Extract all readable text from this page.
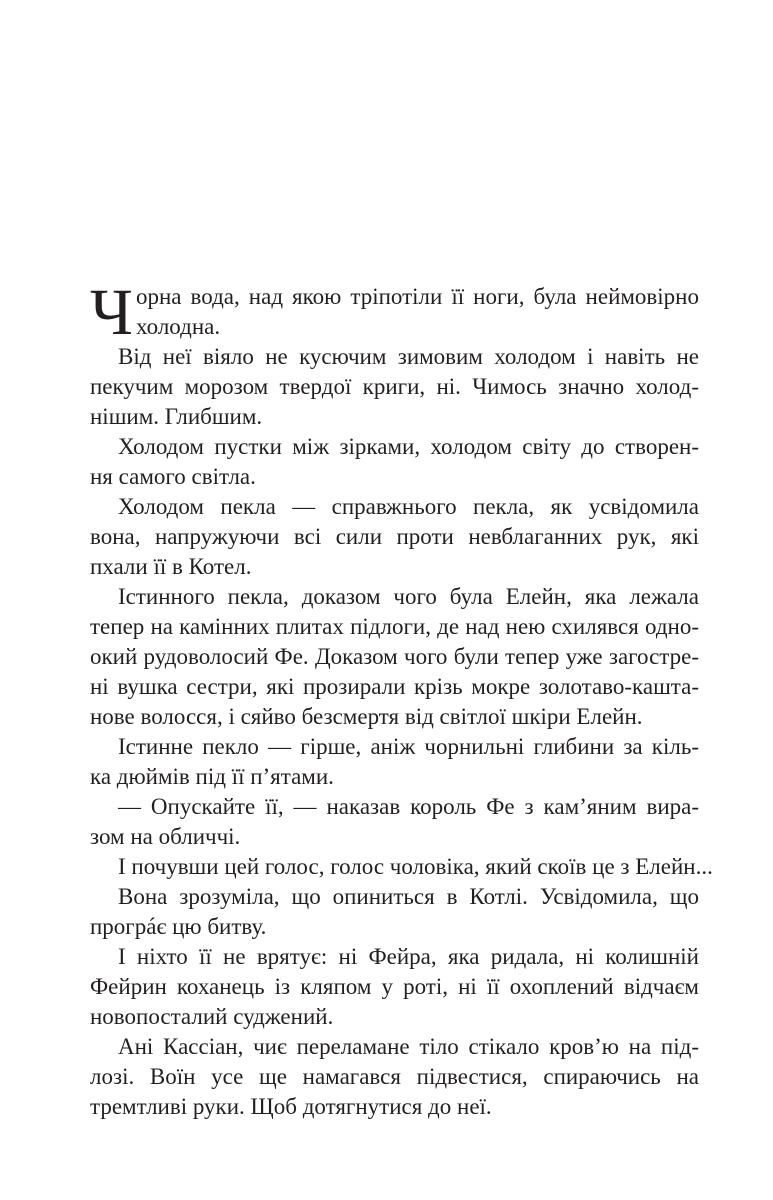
Ч орна вода, над якою тріпотіли її ноги, була неймовірно
холодна.
Від неї віяло не кусючим зимовим холодом і навіть не
пекучим морозом твердої криги, ні. Чимось значно холод-
нішим. Глибшим.
Холодом пустки між зірками, холодом світу до створен-
ня самого світла.
Холодом пекла — справжнього пекла, як усвідомила
вона, напружуючи всі сили проти невблаганних рук, які
пхали її в Котел.
Істинного пекла, доказом чого була Елейн, яка лежала
тепер на камінних плитах підлоги, де над нею схилявся одно-
окий рудоволосий Фе. Доказом чого були тепер уже загостре-
ні вушка сестри, які прозирали крізь мокре золотаво-кашта-
нове волосся, і сяйво безсмертя від світлої шкіри Елейн.
Істинне пекло — гірше, аніж чорнильні глибини за кіль-
ка дюймів під її п’ятами.
— Опускайте її, — наказав король Фе з кам’яним вира-
зом на обличчі.
І почувши цей голос, голос чоловіка, який скоїв це з Елейн...
Вона зрозуміла, що опиниться в Котлі. Усвідомила, що
прогрáє цю битву.
І ніхто її не врятує: ні Фейра, яка ридала, ні колишній
Фейрин коханець із кляпом у роті, ні її охоплений відчаєм
новопосталий суджений.
Ані Кассіан, чиє переламане тіло стікало кров’ю на під-
лозі. Воїн усе ще намагався підвестися, спираючись на
тремтливі руки. Щоб дотягнутися до неї.
